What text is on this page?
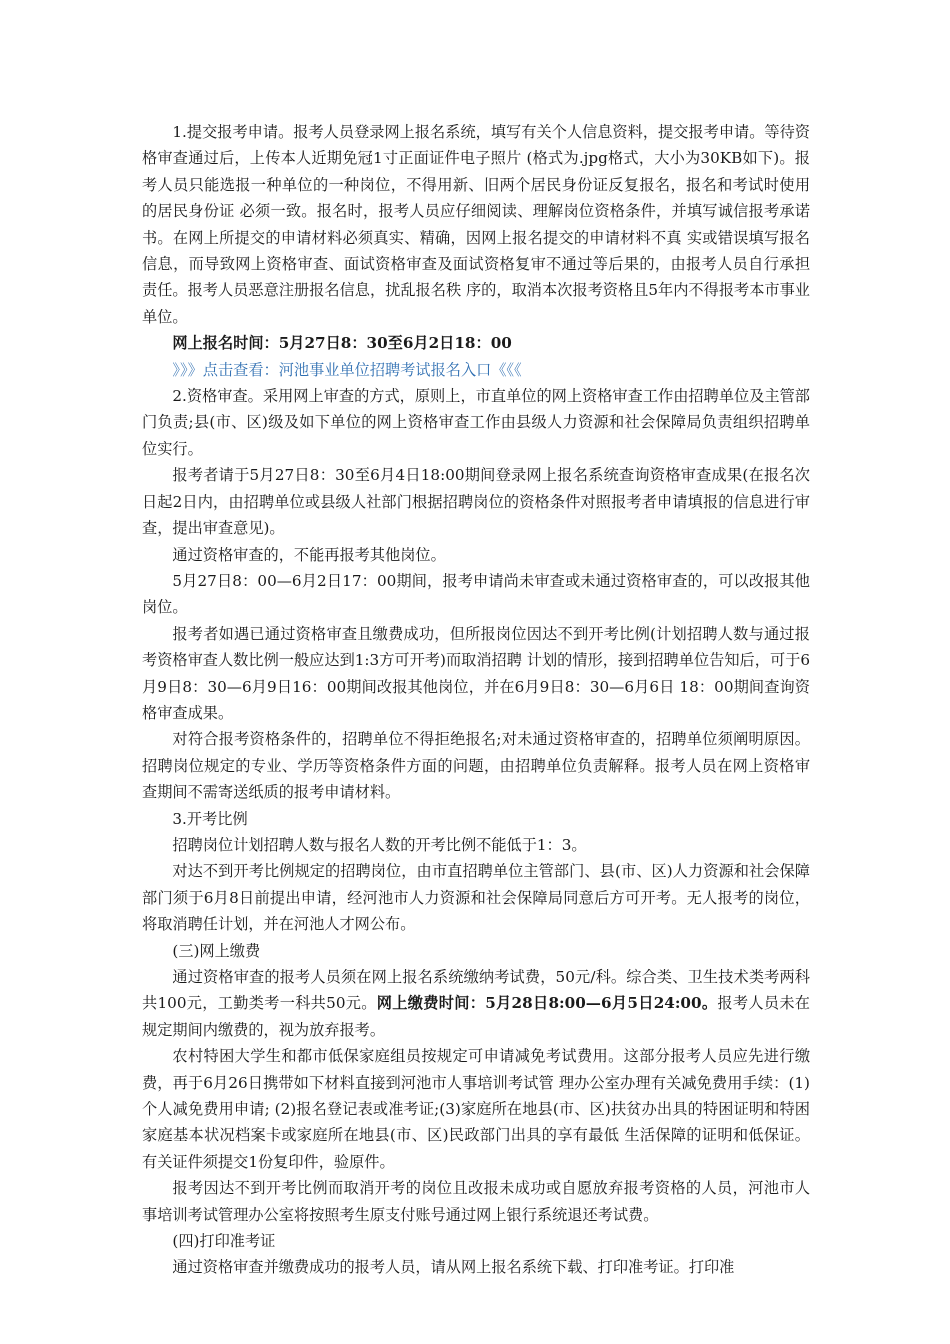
1.提交报考申请。报考人员登录网上报名系统，填写有关个人信息资料，提交报考申请。等待资格审查通过后，上传本人近期免冠1寸正面证件电子照片 (格式为.jpg格式，大小为30KB如下)。报考人员只能选报一种单位的一种岗位，不得用新、旧两个居民身份证反复报名，报名和考试时使用的居民身份证 必须一致。报名时，报考人员应仔细阅读、理解岗位资格条件，并填写诚信报考承诺书。在网上所提交的申请材料必须真实、精确，因网上报名提交的申请材料不真 实或错误填写报名信息，而导致网上资格审查、面试资格审查及面试资格复审不通过等后果的，由报考人员自行承担责任。报考人员恶意注册报名信息，扰乱报名秩 序的，取消本次报考资格且5年内不得报考本市事业单位。

网上报名时间：5月27日8：30至6月2日18：00

》》》点击查看：河池事业单位招聘考试报名入口《《《

2.资格审查。采用网上审查的方式，原则上，市直单位的网上资格审查工作由招聘单位及主管部门负责;县(市、区)级及如下单位的网上资格审查工作由县级人力资源和社会保障局负责组织招聘单位实行。

报考者请于5月27日8：30至6月4日18:00期间登录网上报名系统查询资格审查成果(在报名次日起2日内，由招聘单位或县级人社部门根据招聘岗位的资格条件对照报考者申请填报的信息进行审查，提出审查意见)。

通过资格审查的，不能再报考其他岗位。

5月27日8：00—6月2日17：00期间，报考申请尚未审查或未通过资格审查的，可以改报其他岗位。

报考者如遇已通过资格审查且缴费成功，但所报岗位因达不到开考比例(计划招聘人数与通过报考资格审查人数比例一般应达到1:3方可开考)而取消招聘 计划的情形，接到招聘单位告知后，可于6月9日8：30—6月9日16：00期间改报其他岗位，并在6月9日8：30—6月6日 18：00期间查询资格审查成果。

对符合报考资格条件的，招聘单位不得拒绝报名;对未通过资格审查的，招聘单位须阐明原因。招聘岗位规定的专业、学历等资格条件方面的问题，由招聘单位负责解释。报考人员在网上资格审查期间不需寄送纸质的报考申请材料。

3.开考比例

招聘岗位计划招聘人数与报名人数的开考比例不能低于1：3。

对达不到开考比例规定的招聘岗位，由市直招聘单位主管部门、县(市、区)人力资源和社会保障部门须于6月8日前提出申请，经河池市人力资源和社会保障局同意后方可开考。无人报考的岗位，将取消聘任计划，并在河池人才网公布。

(三)网上缴费

通过资格审查的报考人员须在网上报名系统缴纳考试费，50元/科。综合类、卫生技术类考两科共100元，工勤类考一科共50元。网上缴费时间：5月28日8:00—6月5日24:00。报考人员未在规定期间内缴费的，视为放弃报考。

农村特困大学生和都市低保家庭组员按规定可申请减免考试费用。这部分报考人员应先进行缴费，再于6月26日携带如下材料直接到河池市人事培训考试管 理办公室办理有关减免费用手续：(1)个人减免费用申请; (2)报名登记表或准考证;(3)家庭所在地县(市、区)扶贫办出具的特困证明和特困家庭基本状况档案卡或家庭所在地县(市、区)民政部门出具的享有最低 生活保障的证明和低保证。有关证件须提交1份复印件，验原件。

报考因达不到开考比例而取消开考的岗位且改报未成功或自愿放弃报考资格的人员，河池市人事培训考试管理办公室将按照考生原支付账号通过网上银行系统退还考试费。

(四)打印准考证

通过资格审查并缴费成功的报考人员，请从网上报名系统下载、打印准考证。打印准
